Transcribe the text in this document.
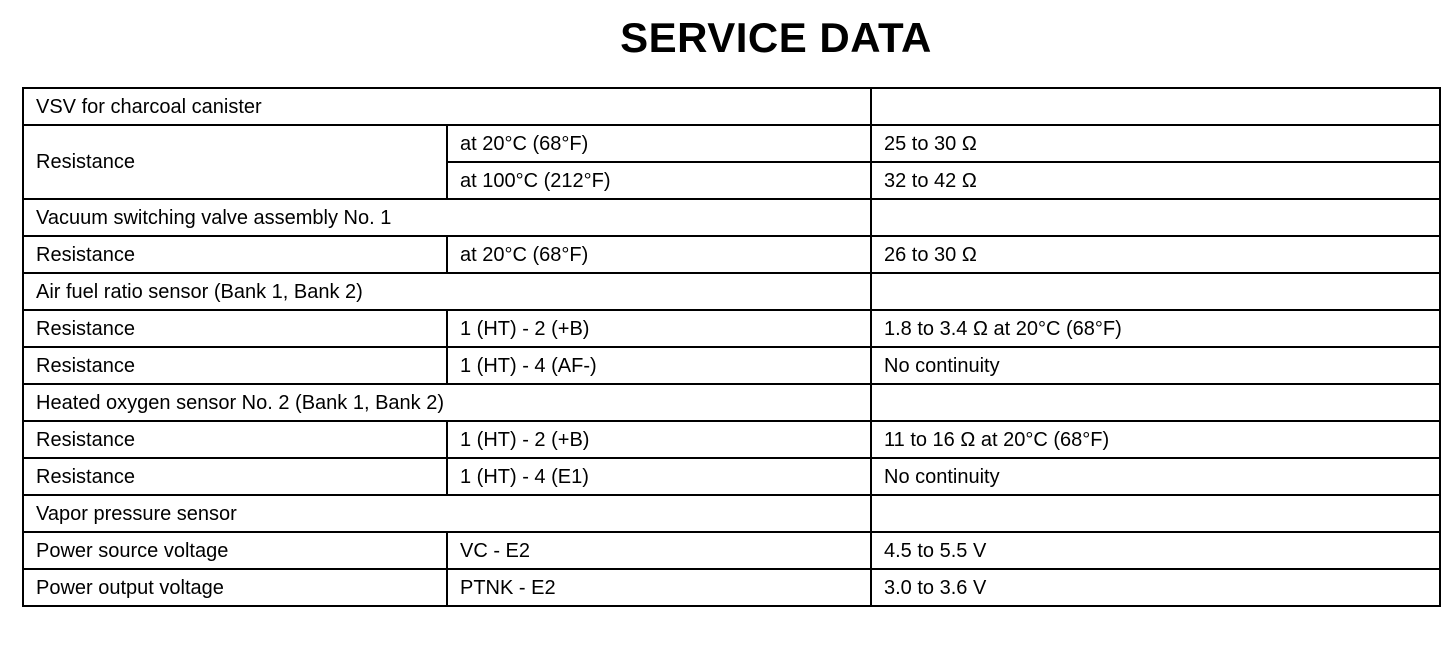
SERVICE DATA
VSV for charcoal canister		
Resistance	at 20°C (68°F)	25 to 30 Ω
	at 100°C (212°F)	32 to 42 Ω
Vacuum switching valve assembly No. 1		
Resistance	at 20°C (68°F)	26 to 30 Ω
Air fuel ratio sensor (Bank 1, Bank 2)		
Resistance	1 (HT) - 2 (+B)	1.8 to 3.4 Ω at 20°C (68°F)
Resistance	1 (HT) - 4 (AF-)	No continuity
Heated oxygen sensor No. 2 (Bank 1, Bank 2)		
Resistance	1 (HT) - 2 (+B)	11 to 16 Ω at 20°C (68°F)
Resistance	1 (HT) - 4 (E1)	No continuity
Vapor pressure sensor		
Power source voltage	VC - E2	4.5 to 5.5 V
Power output voltage	PTNK - E2	3.0 to 3.6 V
